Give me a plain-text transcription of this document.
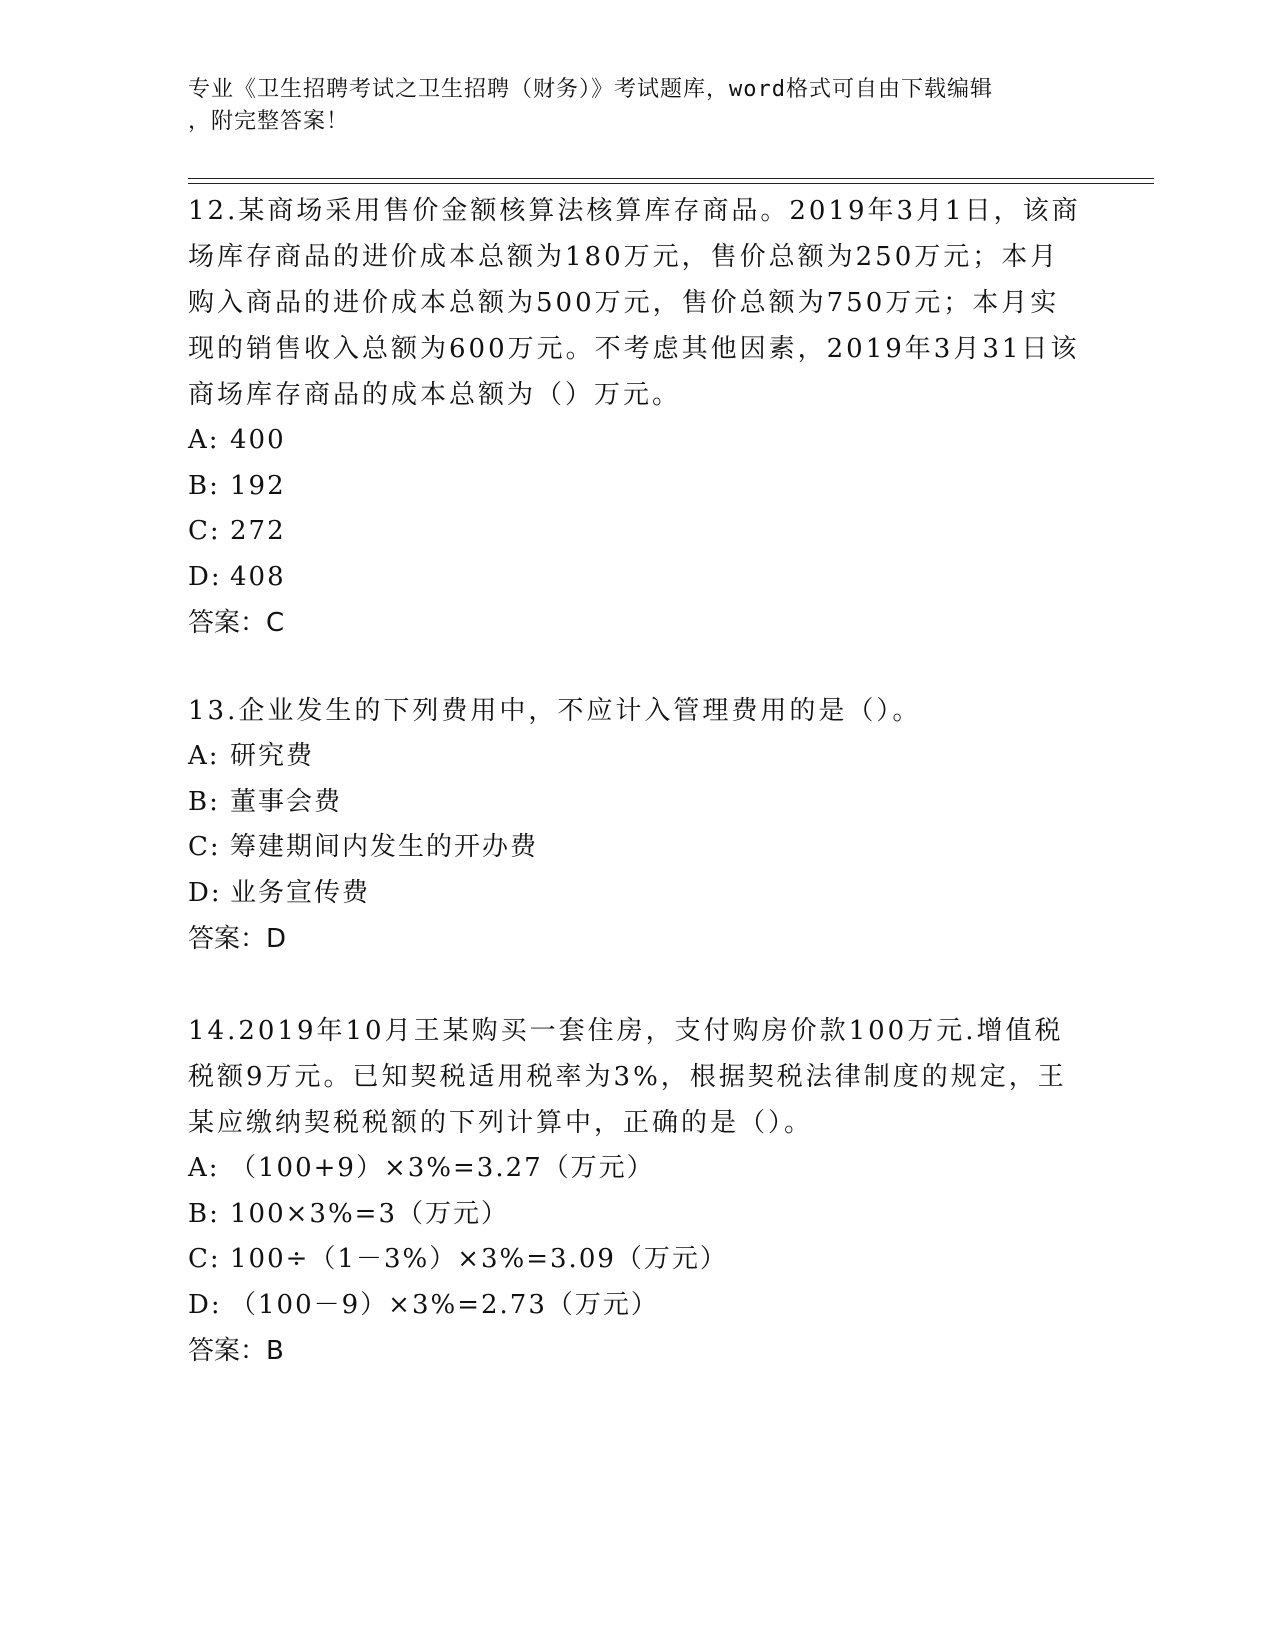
专业《卫生招聘考试之卫生招聘（财务）》考试题库，word格式可自由下载编辑
，附完整答案！

12.某商场采用售价金额核算法核算库存商品。2019年3月1日，该商场库存商品的进价成本总额为180万元，售价总额为250万元；本月购入商品的进价成本总额为500万元，售价总额为750万元；本月实现的销售收入总额为600万元。不考虑其他因素，2019年3月31日该商场库存商品的成本总额为（）万元。

A: 400

B: 192

C: 272

D: 408

答案：C

13.企业发生的下列费用中，不应计入管理费用的是（）。

A: 研究费

B: 董事会费

C: 筹建期间内发生的开办费

D: 业务宣传费

答案：D

14.2019年10月王某购买一套住房，支付购房价款100万元.增值税税额9万元。已知契税适用税率为3%，根据契税法律制度的规定，王某应缴纳契税税额的下列计算中，正确的是（）。

A: （100+9）×3%=3.27（万元）

B: 100×3%=3（万元）

C: 100÷（1－3%）×3%=3.09（万元）

D: （100－9）×3%=2.73（万元）

答案：B
